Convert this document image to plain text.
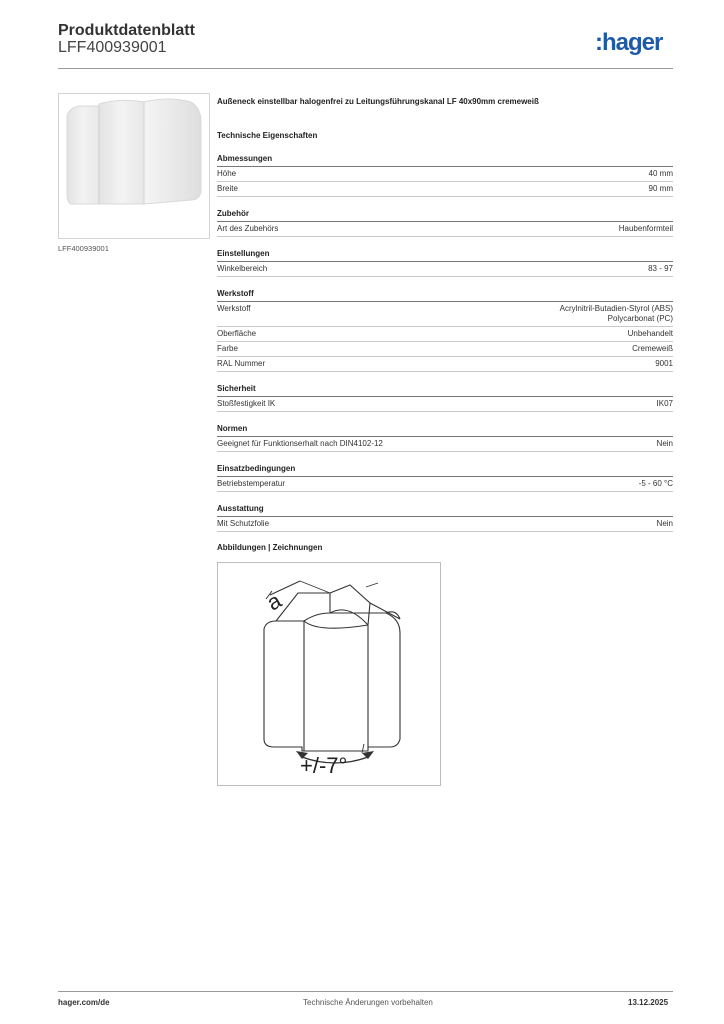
Produktdatenblatt
LFF400939001	:hager
LFF400939001
Außeneck einstellbar halogenfrei zu Leitungsführungskanal LF 40x90mm cremeweiß
Technische Eigenschaften
Abmessungen
Höhe	40 mm
Breite	90 mm
Zubehör
Art des Zubehörs	Haubenformteil
Einstellungen
Winkelbereich	83 - 97
Werkstoff
Werkstoff	Acrylnitril-Butadien-Styrol (ABS)
Polycarbonat (PC)
Oberfläche	Unbehandelt
Farbe	Cremeweiß
RAL Nummer	9001
Sicherheit
Stoßfestigkeit IK	IK07
Normen
Geeignet für Funktionserhalt nach DIN4102-12	Nein
Einsatzbedingungen
Betriebstemperatur	-5 - 60 °C
Ausstattung
Mit Schutzfolie	Nein
Abbildungen | Zeichnungen
a
+/-7°
hager.com/de	Technische Änderungen vorbehalten	13.12.2025
